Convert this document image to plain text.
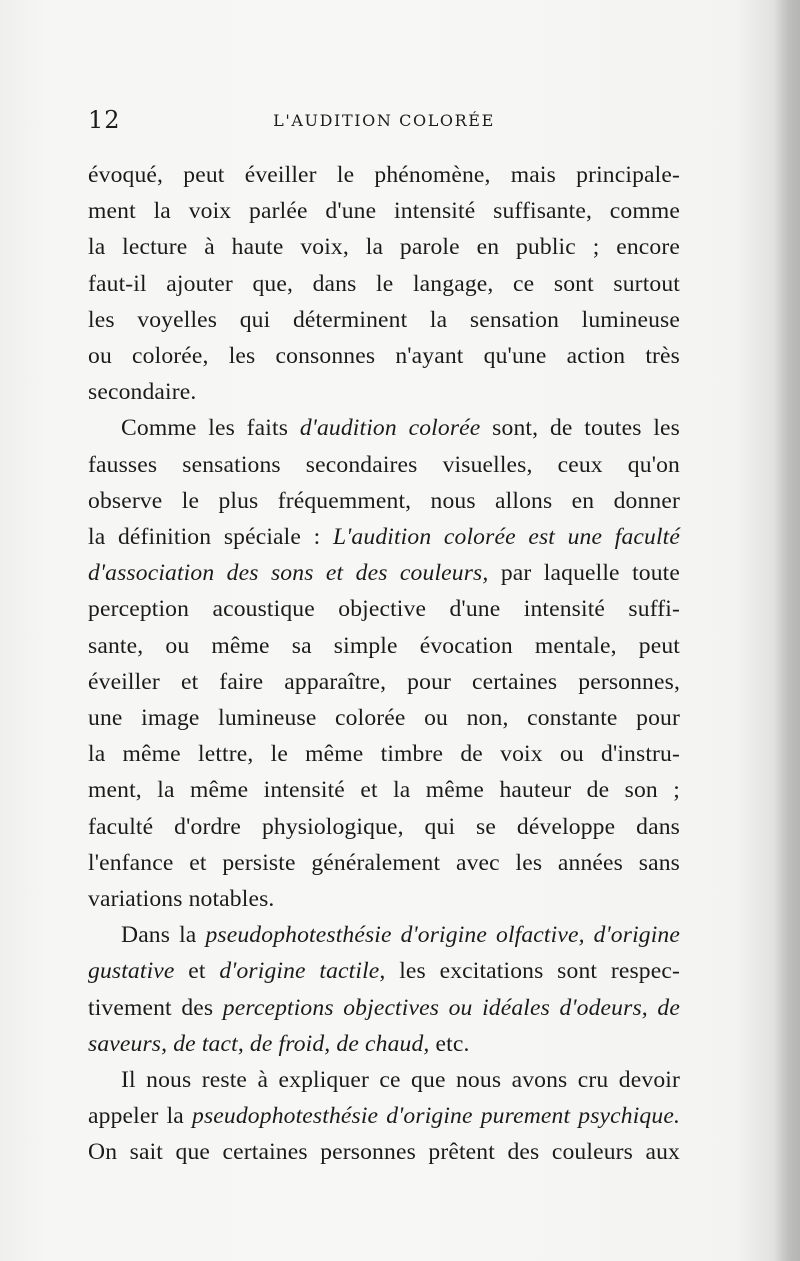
12	L'AUDITION COLORÉE

évoqué, peut éveiller le phénomène, mais principale-
ment la voix parlée d'une intensité suffisante, comme
la lecture à haute voix, la parole en public ; encore
faut-il ajouter que, dans le langage, ce sont surtout
les voyelles qui déterminent la sensation lumineuse
ou colorée, les consonnes n'ayant qu'une action très
secondaire.

Comme les faits d'audition colorée sont, de toutes les
fausses sensations secondaires visuelles, ceux qu'on
observe le plus fréquemment, nous allons en donner
la définition spéciale : L'audition colorée est une faculté
d'association des sons et des couleurs, par laquelle toute
perception acoustique objective d'une intensité suffi-
sante, ou même sa simple évocation mentale, peut
éveiller et faire apparaître, pour certaines personnes,
une image lumineuse colorée ou non, constante pour
la même lettre, le même timbre de voix ou d'instru-
ment, la même intensité et la même hauteur de son ;
faculté d'ordre physiologique, qui se développe dans
l'enfance et persiste généralement avec les années sans
variations notables.

Dans la pseudophotesthésie d'origine olfactive, d'origine
gustative et d'origine tactile, les excitations sont respec-
tivement des perceptions objectives ou idéales d'odeurs, de
saveurs, de tact, de froid, de chaud, etc.

Il nous reste à expliquer ce que nous avons cru devoir
appeler la pseudophotesthésie d'origine purement psychique.
On sait que certaines personnes prêtent des couleurs aux
